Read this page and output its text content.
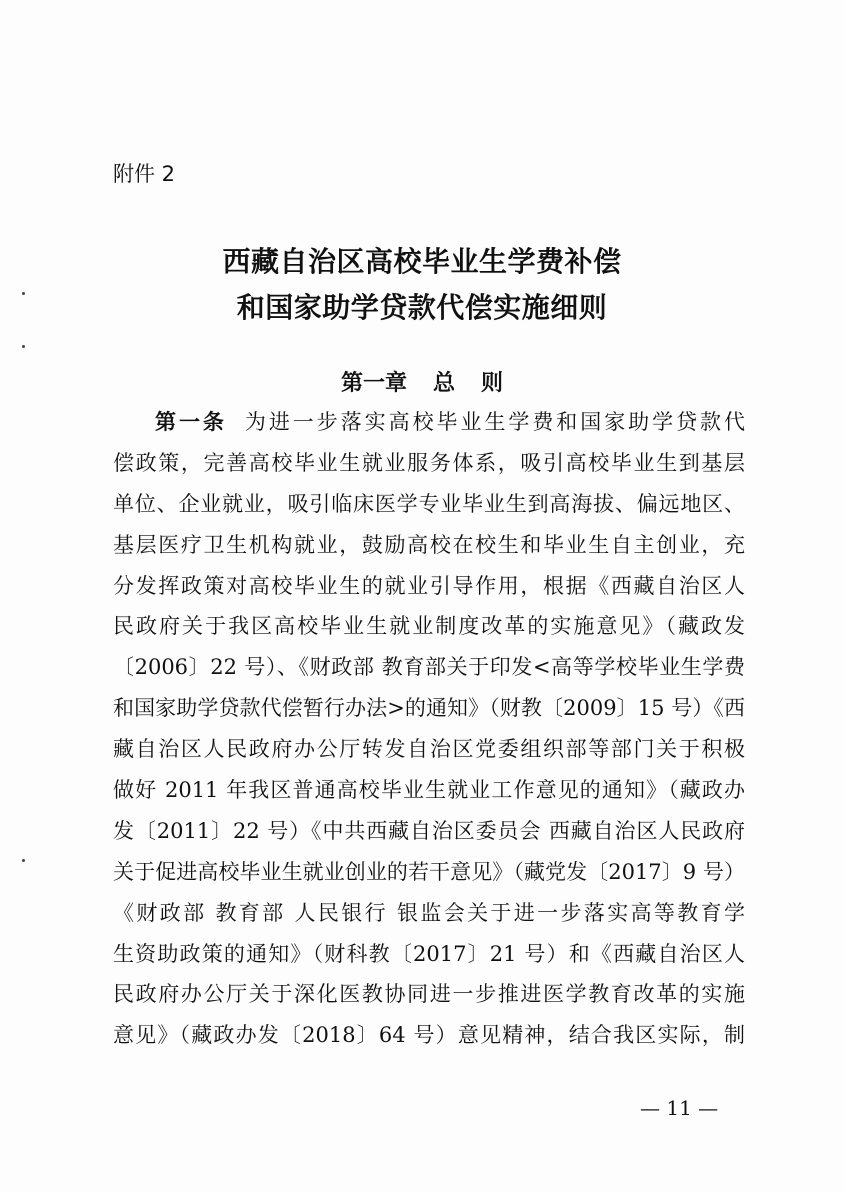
附件 2
西藏自治区高校毕业生学费补偿
和国家助学贷款代偿实施细则
第一章 总 则
第一条 为进一步落实高校毕业生学费和国家助学贷款代
偿政策，完善高校毕业生就业服务体系，吸引高校毕业生到基层
单位、企业就业，吸引临床医学专业毕业生到高海拔、偏远地区、
基层医疗卫生机构就业，鼓励高校在校生和毕业生自主创业，充
分发挥政策对高校毕业生的就业引导作用，根据《西藏自治区人
民政府关于我区高校毕业生就业制度改革的实施意见》（藏政发
〔2006〕22 号）、《财政部 教育部关于印发<高等学校毕业生学费
和国家助学贷款代偿暂行办法>的通知》（财教〔2009〕15 号）《西
藏自治区人民政府办公厅转发自治区党委组织部等部门关于积极
做好 2011 年我区普通高校毕业生就业工作意见的通知》（藏政办
发〔2011〕22 号）《中共西藏自治区委员会 西藏自治区人民政府
关于促进高校毕业生就业创业的若干意见》（藏党发〔2017〕9 号）
《财政部 教育部 人民银行 银监会关于进一步落实高等教育学
生资助政策的通知》（财科教〔2017〕21 号）和《西藏自治区人
民政府办公厅关于深化医教协同进一步推进医学教育改革的实施
意见》（藏政办发〔2018〕64 号）意见精神，结合我区实际，制
— 11 —
